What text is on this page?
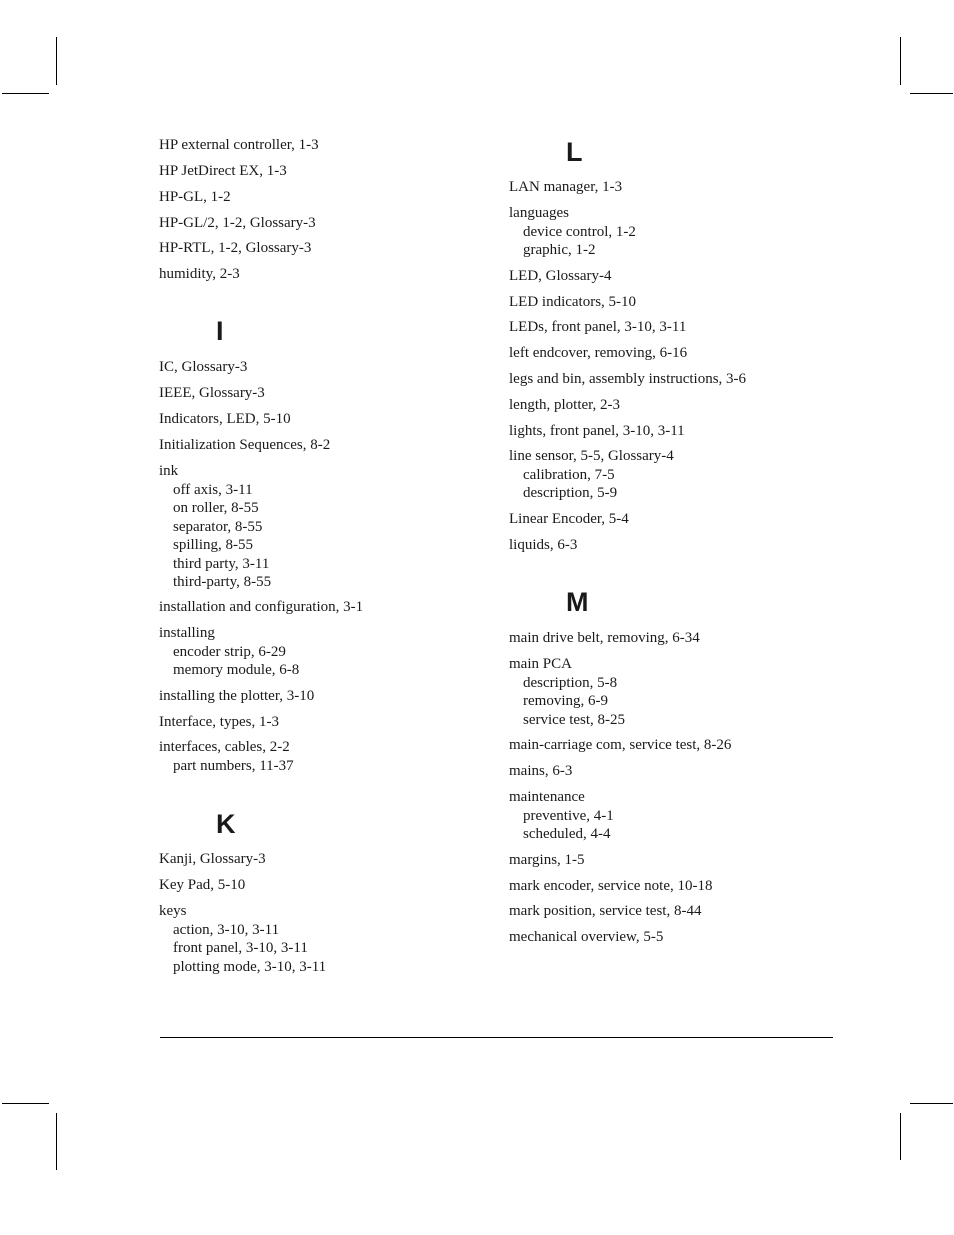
HP external controller, 1-3
HP JetDirect EX, 1-3
HP-GL, 1-2
HP-GL/2, 1-2, Glossary-3
HP-RTL, 1-2, Glossary-3
humidity, 2-3
I
IC, Glossary-3
IEEE, Glossary-3
Indicators, LED, 5-10
Initialization Sequences, 8-2
ink
off axis, 3-11
on roller, 8-55
separator, 8-55
spilling, 8-55
third party, 3-11
third-party, 8-55
installation and configuration, 3-1
installing
encoder strip, 6-29
memory module, 6-8
installing the plotter, 3-10
Interface, types, 1-3
interfaces, cables, 2-2
part numbers, 11-37
K
Kanji, Glossary-3
Key Pad, 5-10
keys
action, 3-10, 3-11
front panel, 3-10, 3-11
plotting mode, 3-10, 3-11
L
LAN manager, 1-3
languages
device control, 1-2
graphic, 1-2
LED, Glossary-4
LED indicators, 5-10
LEDs, front panel, 3-10, 3-11
left endcover, removing, 6-16
legs and bin, assembly instructions, 3-6
length, plotter, 2-3
lights, front panel, 3-10, 3-11
line sensor, 5-5, Glossary-4
calibration, 7-5
description, 5-9
Linear Encoder, 5-4
liquids, 6-3
M
main drive belt, removing, 6-34
main PCA
description, 5-8
removing, 6-9
service test, 8-25
main-carriage com, service test, 8-26
mains, 6-3
maintenance
preventive, 4-1
scheduled, 4-4
margins, 1-5
mark encoder, service note, 10-18
mark position, service test, 8-44
mechanical overview, 5-5
